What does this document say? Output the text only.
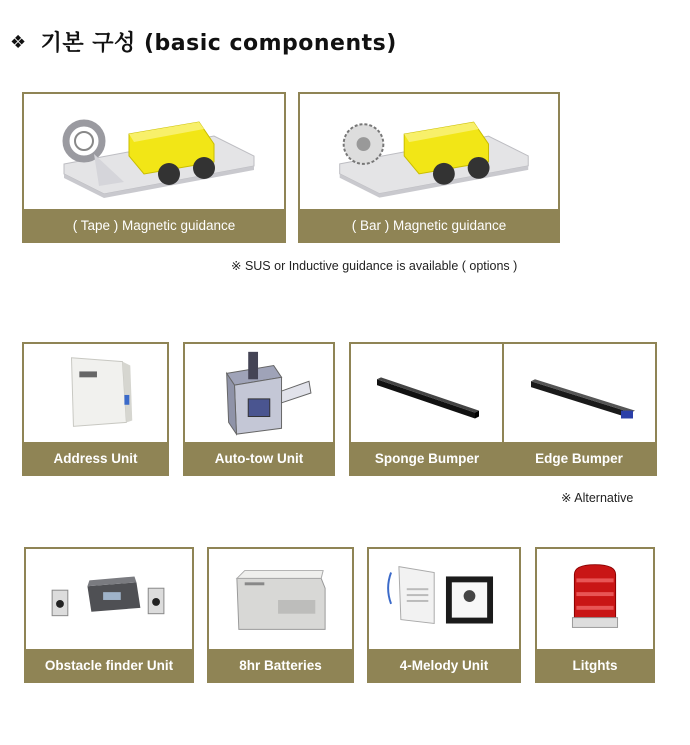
❖ 기본 구성 (basic components)
( Tape ) Magnetic guidance	( Bar ) Magnetic guidance
※ SUS or Inductive guidance is available ( options )
Address Unit	Auto-tow Unit	Sponge Bumper	Edge Bumper
※ Alternative
Obstacle finder Unit	8hr Batteries	4-Melody Unit	Litghts
